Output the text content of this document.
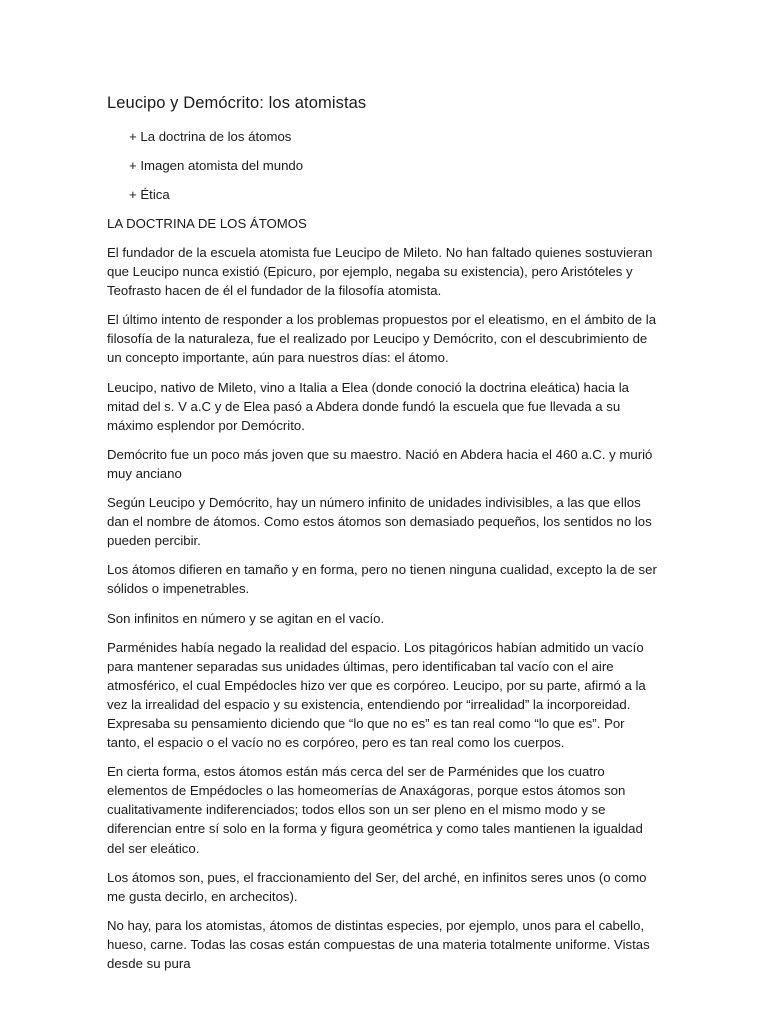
Leucipo y Demócrito: los atomistas
+ La doctrina de los átomos
+ Imagen atomista del mundo
+ Ética
LA DOCTRINA DE LOS ÁTOMOS

El fundador de la escuela atomista fue Leucipo de Mileto. No han faltado quienes sostuvieran que Leucipo nunca existió (Epicuro, por ejemplo, negaba su existencia), pero Aristóteles y Teofrasto hacen de él el fundador de la filosofía atomista.

El último intento de responder a los problemas propuestos por el eleatismo, en el ámbito de la filosofía de la naturaleza, fue el realizado por Leucipo y Demócrito, con el descubrimiento de un concepto importante, aún para nuestros días: el átomo.

Leucipo, nativo de Mileto, vino a Italia a Elea (donde conoció la doctrina eleática) hacia la mitad del s. V a.C y de Elea pasó a Abdera donde fundó la escuela que fue llevada a su máximo esplendor por Demócrito.

Demócrito fue un poco más joven que su maestro. Nació en Abdera hacia el 460 a.C. y murió muy anciano

Según Leucipo y Demócrito, hay un número infinito de unidades indivisibles, a las que ellos dan el nombre de átomos. Como estos átomos son demasiado pequeños, los sentidos no los pueden percibir.

Los átomos difieren en tamaño y en forma, pero no tienen ninguna cualidad, excepto la de ser sólidos o impenetrables.

Son infinitos en número y se agitan en el vacío.

Parménides había negado la realidad del espacio. Los pitagóricos habían admitido un vacío para mantener separadas sus unidades últimas, pero identificaban tal vacío con el aire atmosférico, el cual Empédocles hizo ver que es corpóreo. Leucipo, por su parte, afirmó a la vez la irrealidad del espacio y su existencia, entendiendo por “irrealidad” la incorporeidad. Expresaba su pensamiento diciendo que “lo que no es” es tan real como “lo que es”. Por tanto, el espacio o el vacío no es corpóreo, pero es tan real como los cuerpos.

En cierta forma, estos átomos están más cerca del ser de Parménides que los cuatro elementos de Empédocles o las homeomerías de Anaxágoras, porque estos átomos son cualitativamente indiferenciados; todos ellos son un ser pleno en el mismo modo y se diferencian entre sí solo en la forma y figura geométrica y como tales mantienen la igualdad del ser eleático.

Los átomos son, pues, el fraccionamiento del Ser, del arché, en infinitos seres unos (o como me gusta decirlo, en archecitos).

No hay, para los atomistas, átomos de distintas especies, por ejemplo, unos para el cabello, hueso, carne. Todas las cosas están compuestas de una materia totalmente uniforme. Vistas desde su pura
